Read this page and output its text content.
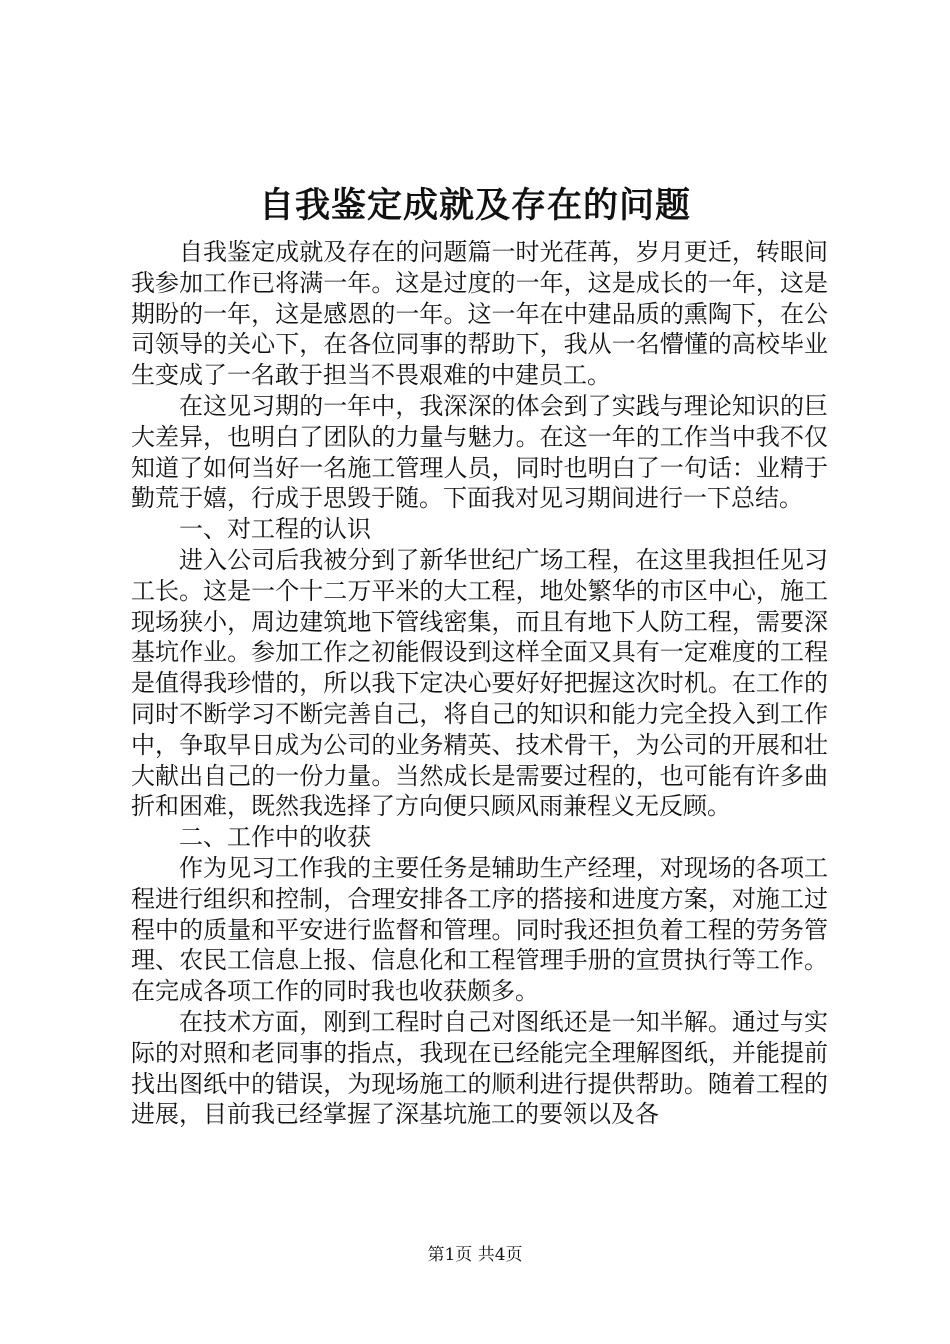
自我鉴定成就及存在的问题

自我鉴定成就及存在的问题篇一时光荏苒，岁月更迁，转眼间我参加工作已将满一年。这是过度的一年，这是成长的一年，这是期盼的一年，这是感恩的一年。这一年在中建品质的熏陶下，在公司领导的关心下，在各位同事的帮助下，我从一名懵懂的高校毕业生变成了一名敢于担当不畏艰难的中建员工。

在这见习期的一年中，我深深的体会到了实践与理论知识的巨大差异，也明白了团队的力量与魅力。在这一年的工作当中我不仅知道了如何当好一名施工管理人员，同时也明白了一句话：业精于勤荒于嬉，行成于思毁于随。下面我对见习期间进行一下总结。

一、对工程的认识

进入公司后我被分到了新华世纪广场工程，在这里我担任见习工长。这是一个十二万平米的大工程，地处繁华的市区中心，施工现场狭小，周边建筑地下管线密集，而且有地下人防工程，需要深基坑作业。参加工作之初能假设到这样全面又具有一定难度的工程是值得我珍惜的，所以我下定决心要好好把握这次时机。在工作的同时不断学习不断完善自己，将自己的知识和能力完全投入到工作中，争取早日成为公司的业务精英、技术骨干，为公司的开展和壮大献出自己的一份力量。当然成长是需要过程的，也可能有许多曲折和困难，既然我选择了方向便只顾风雨兼程义无反顾。

二、工作中的收获

作为见习工作我的主要任务是辅助生产经理，对现场的各项工程进行组织和控制，合理安排各工序的搭接和进度方案，对施工过程中的质量和平安进行监督和管理。同时我还担负着工程的劳务管理、农民工信息上报、信息化和工程管理手册的宣贯执行等工作。在完成各项工作的同时我也收获颇多。

在技术方面，刚到工程时自己对图纸还是一知半解。通过与实际的对照和老同事的指点，我现在已经能完全理解图纸，并能提前找出图纸中的错误，为现场施工的顺利进行提供帮助。随着工程的进展，目前我已经掌握了深基坑施工的要领以及各

第1页 共4页
